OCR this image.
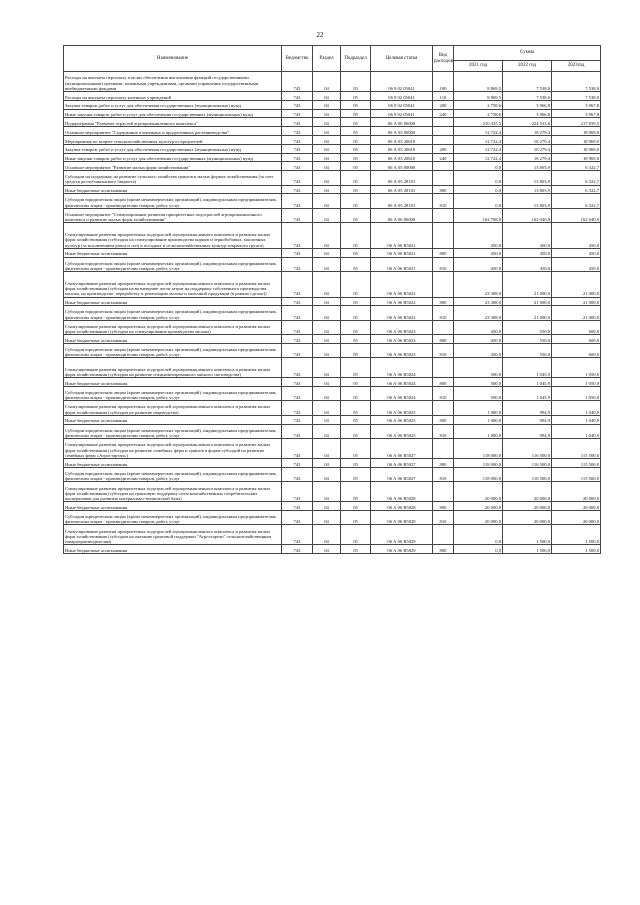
22
Наименование	Ведомство	Раздел	Подраздел	Целевая статья	Вид расходов	Сумма		
						2021 год	2022 год	2023год
Расходы на выплаты персоналу в целях обеспечения выполнения функций государственными (муниципальными) органами, казенными учреждениями, органами управления государственными внебюджетными фондами	743	04	05	06 9 02 05041	100	8 869,5	7 538,0	7 538,0
Расходы на выплаты персоналу казенных учреждений	743	04	05	06 9 02 05041	110	8 869,5	7 538,0	7 538,0
Закупка товаров, работ и услуг для обеспечения государственных (муниципальных) нужд	743	04	05	06 9 02 05041	200	2 758,6	3 966,8	3 967,8
Иные закупки товаров, работ и услуг для обеспечения государственных (муниципальных) нужд	743	04	05	06 9 02 05041	240	2 758,6	3 966,8	3 967,8
Подпрограмма "Развитие отраслей агропромышленного комплекса"	743	04	05	06 А 00 00000		210 435,5	224 533,6	217 839,5
Основное мероприятие "Содержание племенных и продуктивных растениеводства"	743	04	05	06 А 03 00000		12 722,4	18 279,4	18 969,0
Мероприятия по защите сельскохозяйственных культур от вредителей	743	04	05	06 А 03 20610		12 722,4	18 279,4	18 969,0
Закупка товаров, работ и услуг для обеспечения государственных (муниципальных) нужд	743	04	05	06 А 03 20610	200	12 722,4	18 279,4	18 969,0
Иные закупки товаров, работ и услуг для обеспечения государственных (муниципальных) нужд	743	04	05	06 А 03 20610	240	12 722,4	18 279,4	18 969,0
Основное мероприятие "Развитие малых форм хозяйствования"	743	04	05	06 А 05 00000		0,0	13 803,9	6 322,7
Субсидии на поддержку на развитие сельского хозяйства грантов в малых формах хозяйствования (за счет средств республиканского бюджета)	743	04	05	06 А 05 28101		0,0	13 803,9	6 322,7
Иные бюджетные ассигнования	743	04	05	06 А 05 28101	800	0,0	13 803,9	6 322,7
Субсидии юридическим лицам (кроме некоммерческих организаций), индивидуальным предпринимателям, физическим лицам - производителям товаров, работ, услуг	743	04	05	06 А 05 28101	810	0,0	13 803,9	6 322,7
Основное мероприятие "Стимулирование развития приоритетных подотраслей агропромышленного комплекса и развитие малых форм хозяйствования"	743	04	05	06 А 06 00000		162 768,0	162 040,9	162 040,9
Стимулирование развития приоритетных подотраслей агропромышленного комплекса и развития малых форм хозяйствования (субсидии на стимулирование производства кормов и зернобобовых, масличных культур (за исключением рапса и сои) в посадках и сельскохозяйственных культур открытого грунта)	743	04	05	06 А 06 R5021		450,0	450,0	450,0
Иные бюджетные ассигнования	743	04	05	06 А 06 R5021	800	450,0	450,0	450,0
Субсидии юридическим лицам (кроме некоммерческих организаций), индивидуальным предпринимателям, физическим лицам - производителям товаров, работ, услуг	743	04	05	06 А 06 R5021	810	450,0	450,0	450,0
Стимулирование развития приоритетных подотраслей агропромышленного комплекса и развития малых форм хозяйствования (субсидии на возмещение части затрат на поддержку собственного производства молока, на производство, переработку и реализацию молока и молочной продукции (в рамках сделок))	743	04	05	06 А 06 R5022		23 308,0	21 000,0	21 000,0
Иные бюджетные ассигнования	743	04	05	06 А 06 R5022	800	23 308,0	21 000,0	21 000,0
Субсидии юридическим лицам (кроме некоммерческих организаций), индивидуальным предпринимателям, физическим лицам - производителям товаров, работ, услуг	743	04	05	06 А 06 R5022	810	23 308,0	21 000,0	21 000,0
Стимулирование развития приоритетных подотраслей агропромышленного комплекса и развития малых форм хозяйствования (субсидии на стимулирование производства молока)	743	04	05	06 А 06 R5023		450,0	550,0	600,0
Иные бюджетные ассигнования	743	04	05	06 А 06 R5023	800	450,0	550,0	600,0
Субсидии юридическим лицам (кроме некоммерческих организаций), индивидуальным предпринимателям, физическим лицам - производителям товаров, работ, услуг	743	04	05	06 А 06 R5023	810	450,0	550,0	600,0
Стимулирование развития приоритетных подотраслей агропромышленного комплекса и развития малых форм хозяйствования (субсидии на развитие специализированного мясного скотоводства)	743	04	05	06 А 06 R5024		500,0	1 045,9	1 050,0
Иные бюджетные ассигнования	743	04	05	06 А 06 R5024	800	500,0	1 045,9	1 050,0
Субсидии юридическим лицам (кроме некоммерческих организаций), индивидуальным предпринимателям, физическим лицам - производителям товаров, работ, услуг	743	04	05	06 А 06 R5024	810	500,0	1 045,9	1 050,0
Стимулирование развития приоритетных подотраслей агропромышленного комплекса и развития малых форм хозяйствования (субсидии на развитие овцеводства)	743	04	05	06 А 06 R5025		1 000,0	994,9	1 040,9
Иные бюджетные ассигнования	743	04	05	06 А 06 R5025	800	1 000,0	994,9	1 040,9
Субсидии юридическим лицам (кроме некоммерческих организаций), индивидуальным предпринимателям, физическим лицам - производителям товаров, работ, услуг	743	04	05	06 А 06 R5025	810	1 000,0	994,9	1 040,9
Стимулирование развития приоритетных подотраслей агропромышленного комплекса и развитие малых форм хозяйствования (субсидии на развитие семейных ферм и грантов в форме субсидий на развитие семейных ферм «Агростартап»)	743	04	05	06 А 06 R5027		118 000,0	116 500,0	115 500,0
Иные бюджетные ассигнования	743	04	05	06 А 06 R5027	800	118 000,0	116 500,0	115 500,0
Субсидии юридическим лицам (кроме некоммерческих организаций), индивидуальным предпринимателям, физическим лицам - производителям товаров, работ, услуг	743	04	05	06 А 06 R5027	810	118 000,0	116 500,0	115 500,0
Стимулирование развития приоритетных подотраслей агропромышленного комплекса и развития малых форм хозяйствования (субсидии на грантовую поддержку сельскохозяйственных потребительских кооперативов для развития материально-технической базы)	743	04	05	06 А 06 R5028		20 000,0	20 000,0	20 000,0
Иные бюджетные ассигнования	743	04	05	06 А 06 R5028	800	20 000,0	20 000,0	20 000,0
Субсидии юридическим лицам (кроме некоммерческих организаций), индивидуальным предпринимателям, физическим лицам - производителям товаров, работ, услуг	743	04	05	06 А 06 R5028	810	20 000,0	20 000,0	20 000,0
Стимулирование развития приоритетных подотраслей агропромышленного комплекса и развития малых форм хозяйствования (субсидии на оказание грантовой поддержки "Агростартап" сельскохозяйственным товаропроизводителям)	743	04	05	06 А 06 R5029		0,0	1 500,0	1 500,0
Иные бюджетные ассигнования	743	04	05	06 А 06 R5029	800	0,0	1 500,0	1 500,0
